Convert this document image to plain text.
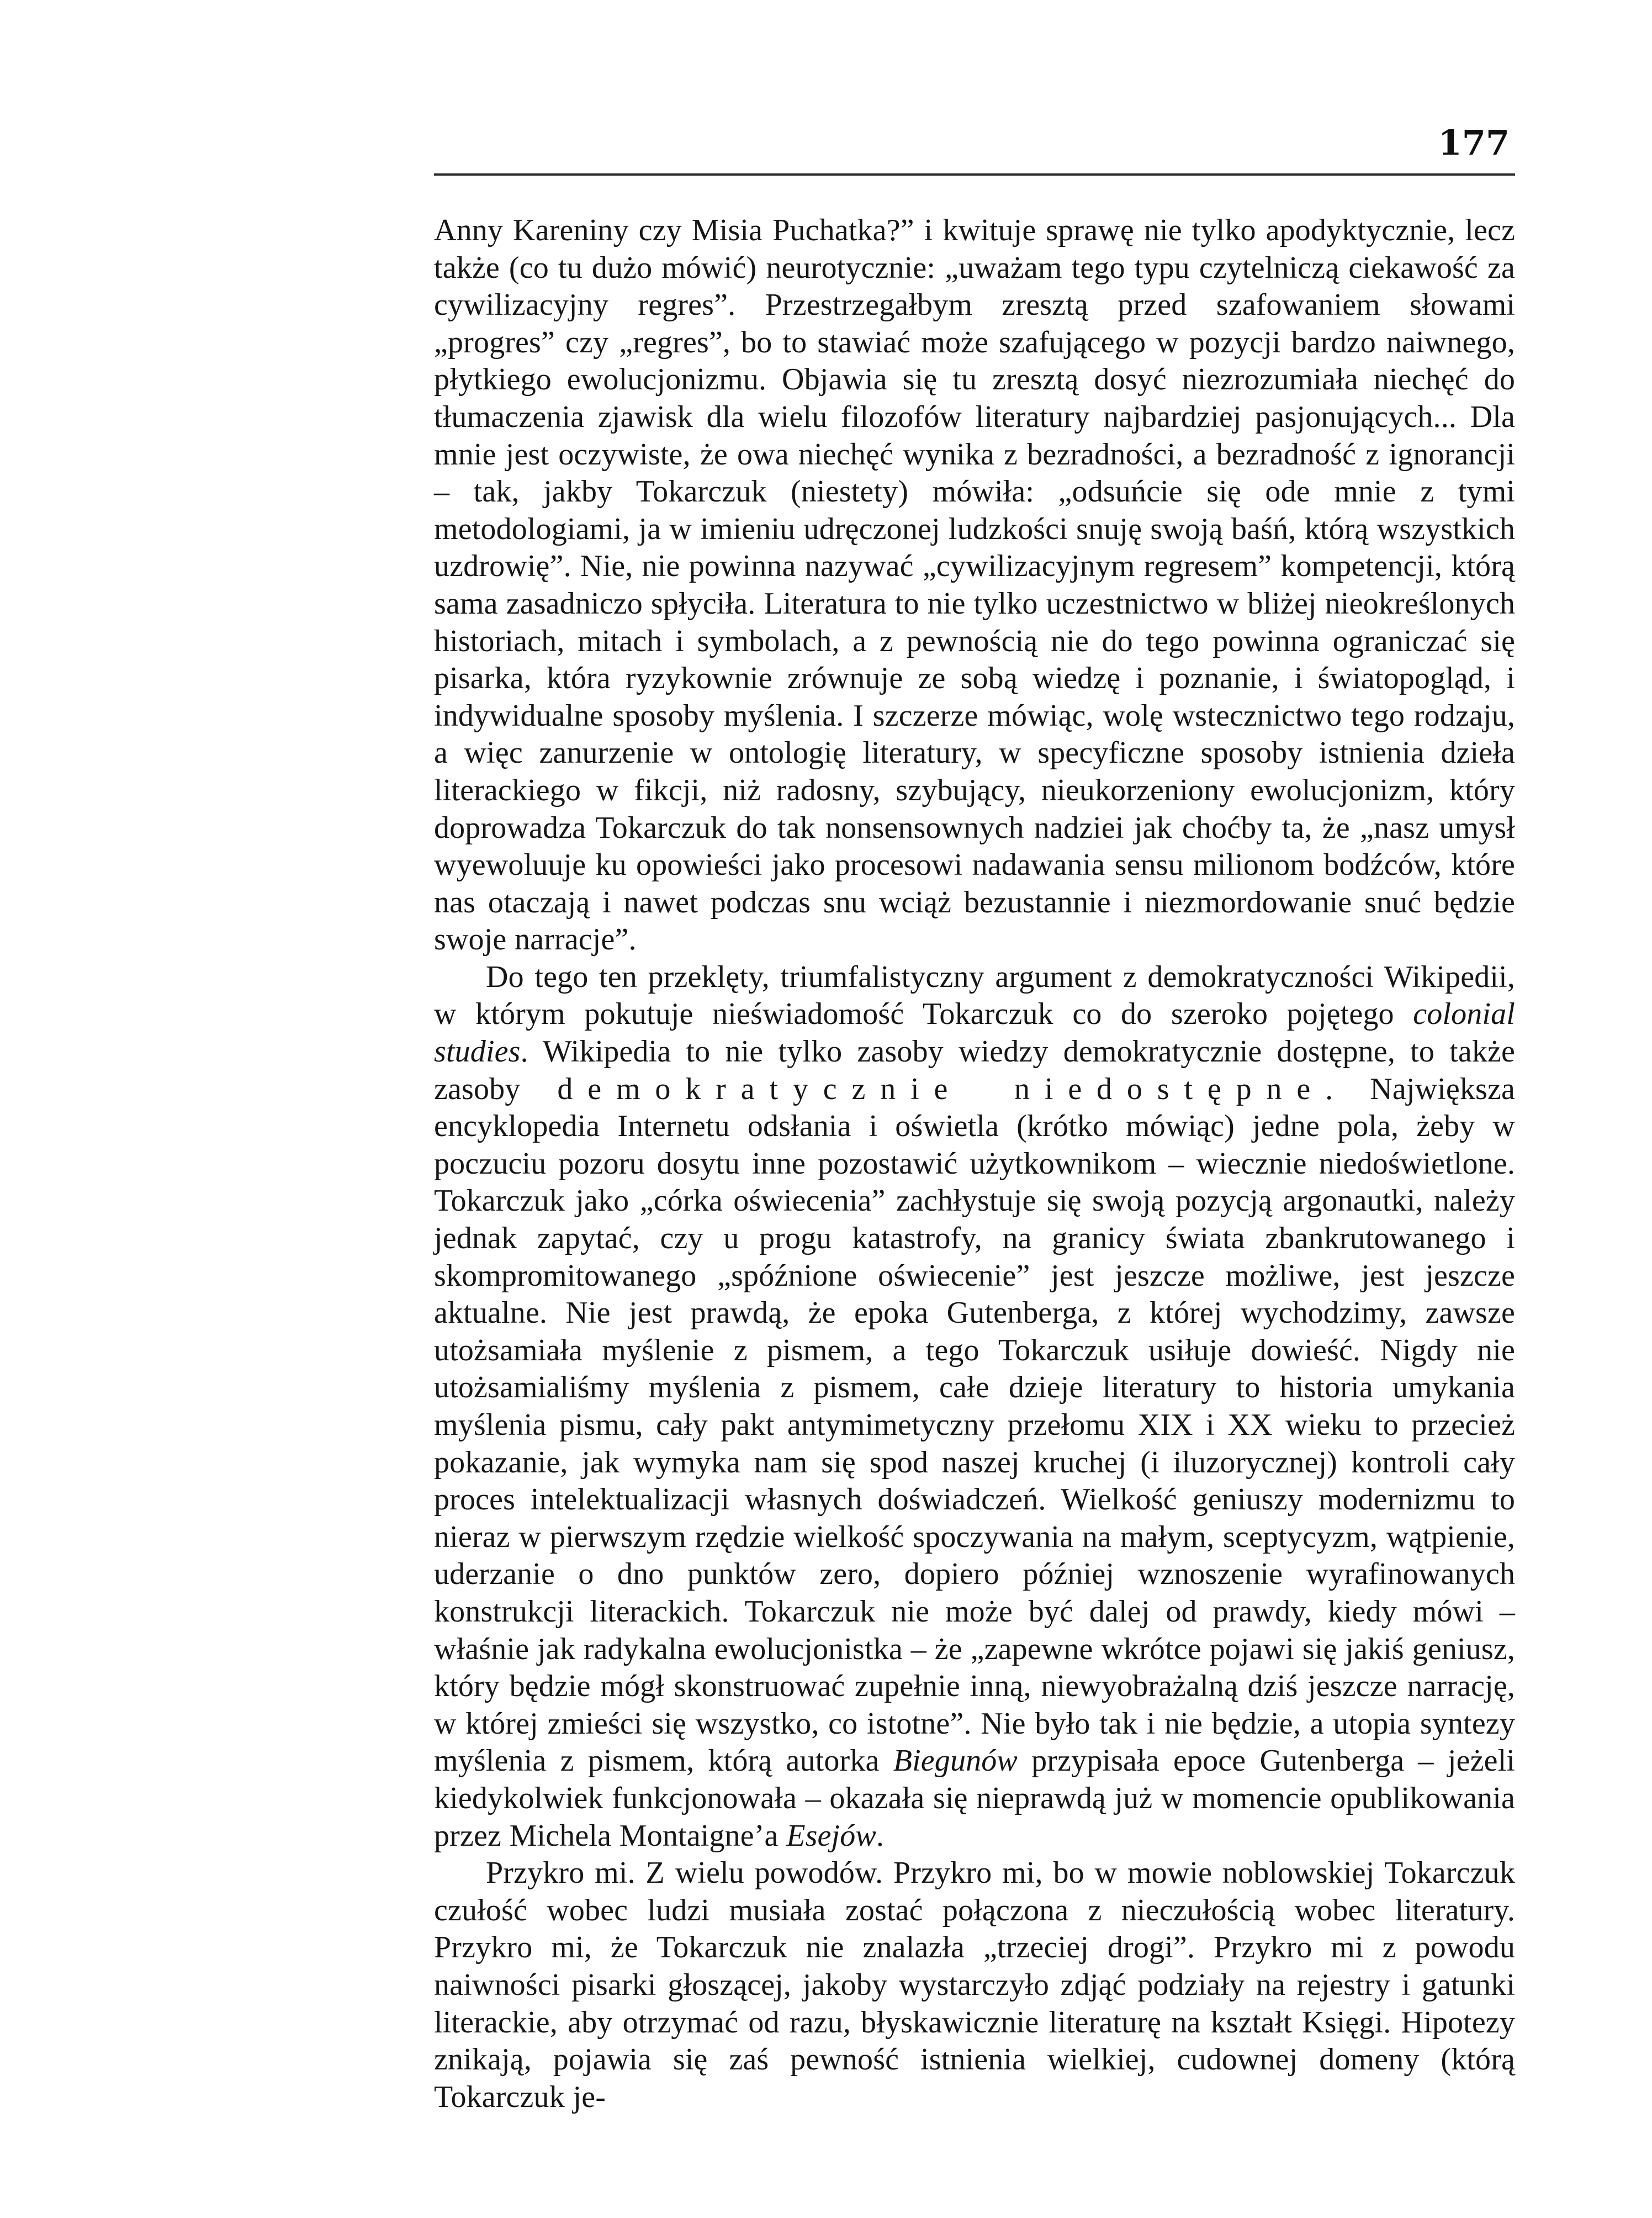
177

Anny Kareniny czy Misia Puchatka?” i kwituje sprawę nie tylko apodyktycznie, lecz także (co tu dużo mówić) neurotycznie: „uważam tego typu czytelniczą ciekawość za cywilizacyjny regres”. Przestrzegałbym zresztą przed szafowaniem słowami „progres” czy „regres”, bo to stawiać może szafującego w pozycji bardzo naiwnego, płytkiego ewolucjonizmu. Objawia się tu zresztą dosyć niezrozumiała niechęć do tłumaczenia zjawisk dla wielu filozofów literatury najbardziej pasjonujących... Dla mnie jest oczywiste, że owa niechęć wynika z bezradności, a bezradność z ignorancji – tak, jakby Tokarczuk (niestety) mówiła: „odsuńcie się ode mnie z tymi metodologiami, ja w imieniu udręczonej ludzkości snuję swoją baśń, którą wszystkich uzdrowię”. Nie, nie powinna nazywać „cywilizacyjnym regresem” kompetencji, którą sama zasadniczo spłyciła. Literatura to nie tylko uczestnictwo w bliżej nieokreślonych historiach, mitach i symbolach, a z pewnością nie do tego powinna ograniczać się pisarka, która ryzykownie zrównuje ze sobą wiedzę i poznanie, i światopogląd, i indywidualne sposoby myślenia. I szczerze mówiąc, wolę wstecznictwo tego rodzaju, a więc zanurzenie w ontologię literatury, w specyficzne sposoby istnienia dzieła literackiego w fikcji, niż radosny, szybujący, nieukorzeniony ewolucjonizm, który doprowadza Tokarczuk do tak nonsensownych nadziei jak choćby ta, że „nasz umysł wyewoluuje ku opowieści jako procesowi nadawania sensu milionom bodźców, które nas otaczają i nawet podczas snu wciąż bezustannie i niezmordowanie snuć będzie swoje narracje”.

Do tego ten przeklęty, triumfalistyczny argument z demokratyczności Wikipedii, w którym pokutuje nieświadomość Tokarczuk co do szeroko pojętego colonial studies. Wikipedia to nie tylko zasoby wiedzy demokratycznie dostępne, to także zasoby demokratycznie niedostępne. Największa encyklopedia Internetu odsłania i oświetla (krótko mówiąc) jedne pola, żeby w poczuciu pozoru dosytu inne pozostawić użytkownikom – wiecznie niedoświetlone. Tokarczuk jako „córka oświecenia” zachłystuje się swoją pozycją argonautki, należy jednak zapytać, czy u progu katastrofy, na granicy świata zbankrutowanego i skompromitowanego „spóźnione oświecenie” jest jeszcze możliwe, jest jeszcze aktualne. Nie jest prawdą, że epoka Gutenberga, z której wychodzimy, zawsze utożsamiała myślenie z pismem, a tego Tokarczuk usiłuje dowieść. Nigdy nie utożsamialiśmy myślenia z pismem, całe dzieje literatury to historia umykania myślenia pismu, cały pakt antymimetyczny przełomu XIX i XX wieku to przecież pokazanie, jak wymyka nam się spod naszej kruchej (i iluzorycznej) kontroli cały proces intelektualizacji własnych doświadczeń. Wielkość geniuszy modernizmu to nieraz w pierwszym rzędzie wielkość spoczywania na małym, sceptycyzm, wątpienie, uderzanie o dno punktów zero, dopiero później wznoszenie wyrafinowanych konstrukcji literackich. Tokarczuk nie może być dalej od prawdy, kiedy mówi – właśnie jak radykalna ewolucjonistka – że „zapewne wkrótce pojawi się jakiś geniusz, który będzie mógł skonstruować zupełnie inną, niewyobrażalną dziś jeszcze narrację, w której zmieści się wszystko, co istotne”. Nie było tak i nie będzie, a utopia syntezy myślenia z pismem, którą autorka Biegunów przypisała epoce Gutenberga – jeżeli kiedykolwiek funkcjonowała – okazała się nieprawdą już w momencie opublikowania przez Michela Montaigne’a Esejów.

Przykro mi. Z wielu powodów. Przykro mi, bo w mowie noblowskiej Tokarczuk czułość wobec ludzi musiała zostać połączona z nieczułością wobec literatury. Przykro mi, że Tokarczuk nie znalazła „trzeciej drogi”. Przykro mi z powodu naiwności pisarki głoszącej, jakoby wystarczyło zdjąć podziały na rejestry i gatunki literackie, aby otrzymać od razu, błyskawicznie literaturę na kształt Księgi. Hipotezy znikają, pojawia się zaś pewność istnienia wielkiej, cudownej domeny (którą Tokarczuk je-
